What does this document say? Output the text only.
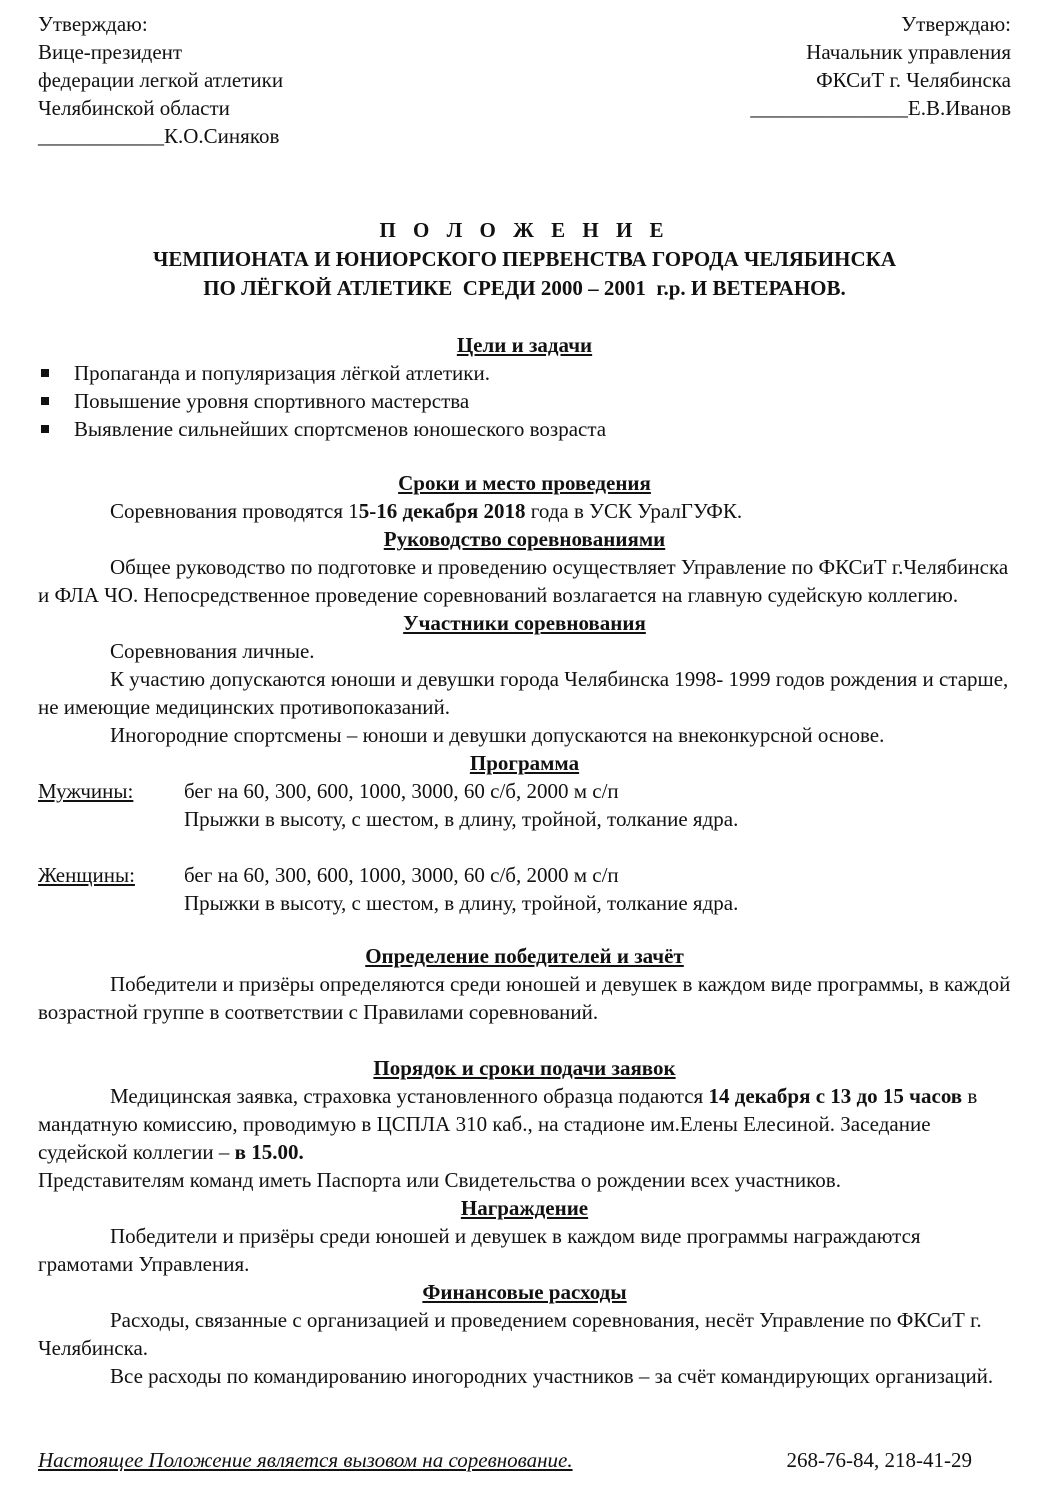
Утверждаю:
Вице-президент
федерации легкой атлетики
Челябинской области
____________К.О.Синяков
Утверждаю:
Начальник управления
ФКСиТ г. Челябинска
_______________Е.В.Иванов
П О Л О Ж Е Н И Е
ЧЕМПИОНАТА И ЮНИОРСКОГО ПЕРВЕНСТВА ГОРОДА ЧЕЛЯБИНСКА
ПО ЛЁГКОЙ АТЛЕТИКЕ  СРЕДИ 2000 – 2001  г.р. И ВЕТЕРАНОВ.
Цели и задачи
Пропаганда и популяризация лёгкой атлетики.
Повышение уровня спортивного мастерства
Выявление сильнейших спортсменов юношеского возраста
Сроки и место проведения

Соревнования проводятся 15-16 декабря 2018 года в УСК УралГУФК.

Руководство соревнованиями

Общее руководство по подготовке и проведению осуществляет Управление по ФКСиТ г.Челябинска и ФЛА ЧО. Непосредственное проведение соревнований возлагается на главную судейскую коллегию.

Участники соревнования

Соревнования личные.

К участию допускаются юноши и девушки города Челябинска 1998- 1999 годов рождения и старше, не имеющие медицинских противопоказаний.

Иногородние спортсмены – юноши и девушки допускаются на внеконкурсной основе.

Программа
Мужчины:	бег на 60, 300, 600, 1000, 3000, 60 с/б, 2000 м с/п
Прыжки в высоту, с шестом, в длину, тройной, толкание ядра.
Женщины:	бег на 60, 300, 600, 1000, 3000, 60 с/б, 2000 м с/п
Прыжки в высоту, с шестом, в длину, тройной, толкание ядра.
Определение победителей и зачёт

Победители и призёры определяются среди юношей и девушек в каждом виде программы, в каждой возрастной группе в соответствии с Правилами соревнований.

Порядок и сроки подачи заявок

Медицинская заявка, страховка установленного образца подаются 14 декабря с 13 до 15 часов в мандатную комиссию, проводимую в ЦСПЛА 310 каб., на стадионе им.Елены Елесиной. Заседание судейской коллегии – в 15.00.

Представителям команд иметь Паспорта или Свидетельства о рождении всех участников.

Награждение

Победители и призёры среди юношей и девушек в каждом виде программы награждаются грамотами Управления.

Финансовые расходы

Расходы, связанные с организацией и проведением соревнования, несёт Управление по ФКСиТ г. Челябинска.

Все расходы по командированию иногородних участников – за счёт командирующих организаций.

Настоящее Положение является вызовом на соревнование.	268-76-84, 218-41-29
